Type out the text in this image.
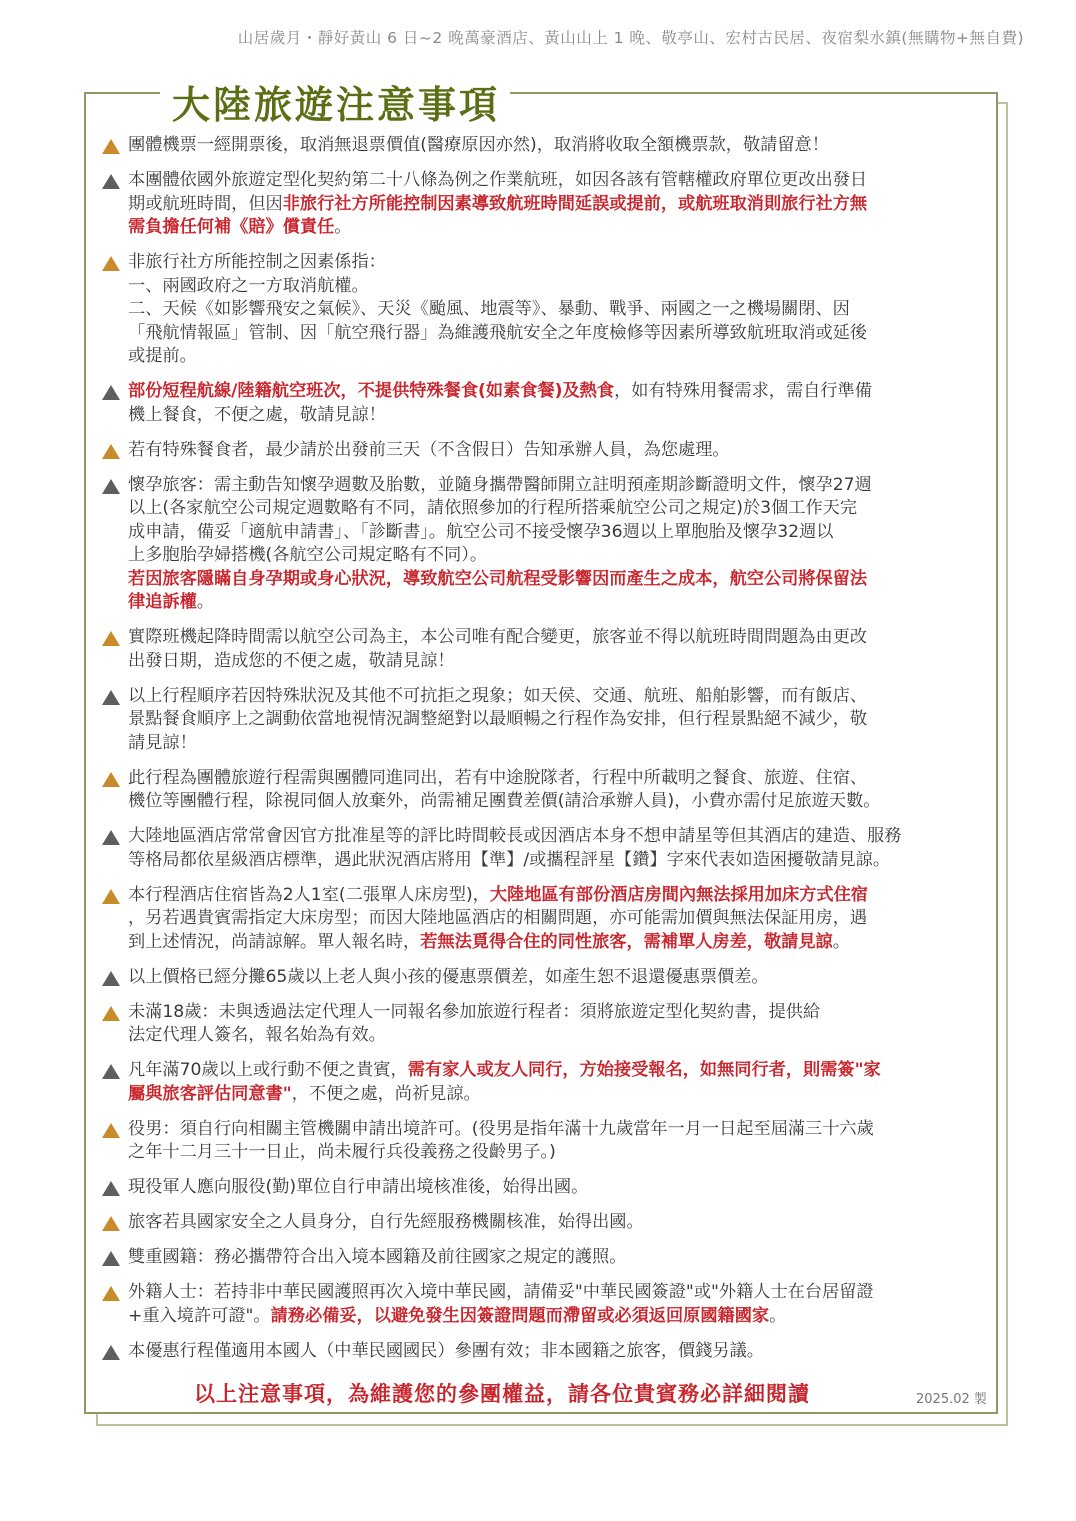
山居歲月・靜好黃山 6 日~2 晚萬豪酒店、黃山山上 1 晚、敬亭山、宏村古民居、夜宿梨水鎮(無購物+無自費)
大陸旅遊注意事項
團體機票一經開票後，取消無退票價值(醫療原因亦然)，取消將收取全額機票款，敬請留意！
本團體依國外旅遊定型化契約第二十八條為例之作業航班，如因各該有管轄權政府單位更改出發日
期或航班時間，但因非旅行社方所能控制因素導致航班時間延誤或提前，或航班取消則旅行社方無
需負擔任何補《賠》償責任。
非旅行社方所能控制之因素係指：
一、兩國政府之一方取消航權。
二、天候《如影響飛安之氣候》、天災《颱風、地震等》、暴動、戰爭、兩國之一之機場關閉、因
「飛航情報區」管制、因「航空飛行器」為維護飛航安全之年度檢修等因素所導致航班取消或延後
或提前。
部份短程航線/陸籍航空班次，不提供特殊餐食(如素食餐)及熱食，如有特殊用餐需求，需自行準備
機上餐食，不便之處，敬請見諒！
若有特殊餐食者，最少請於出發前三天（不含假日）告知承辦人員，為您處理。
懷孕旅客：需主動告知懷孕週數及胎數，並隨身攜帶醫師開立註明預產期診斷證明文件，懷孕27週
以上(各家航空公司規定週數略有不同，請依照參加的行程所搭乘航空公司之規定)於3個工作天完
成申請，備妥「適航申請書」、「診斷書」。航空公司不接受懷孕36週以上單胞胎及懷孕32週以
上多胞胎孕婦搭機(各航空公司規定略有不同）。
若因旅客隱瞞自身孕期或身心狀況，導致航空公司航程受影響因而產生之成本，航空公司將保留法
律追訴權。
實際班機起降時間需以航空公司為主，本公司唯有配合變更，旅客並不得以航班時間問題為由更改
出發日期，造成您的不便之處，敬請見諒！
以上行程順序若因特殊狀況及其他不可抗拒之現象；如天侯、交通、航班、船舶影響，而有飯店、
景點餐食順序上之調動依當地視情況調整絕對以最順暢之行程作為安排，但行程景點絕不減少，敬
請見諒！
此行程為團體旅遊行程需與團體同進同出，若有中途脫隊者，行程中所載明之餐食、旅遊、住宿、
機位等團體行程，除視同個人放棄外，尚需補足團費差價(請洽承辦人員)，小費亦需付足旅遊天數。
大陸地區酒店常常會因官方批准星等的評比時間較長或因酒店本身不想申請星等但其酒店的建造、服務
等格局都依星級酒店標準，遇此狀況酒店將用【準】/或攜程評星【鑽】字來代表如造困擾敬請見諒。
本行程酒店住宿皆為2人1室(二張單人床房型)，大陸地區有部份酒店房間內無法採用加床方式住宿
，另若遇貴賓需指定大床房型；而因大陸地區酒店的相關問題，亦可能需加價與無法保証用房，遇
到上述情況，尚請諒解。單人報名時，若無法覓得合住的同性旅客，需補單人房差，敬請見諒。
以上價格已經分攤65歲以上老人與小孩的優惠票價差，如產生恕不退還優惠票價差。
未滿18歲：未與透過法定代理人一同報名參加旅遊行程者：須將旅遊定型化契約書，提供給
法定代理人簽名，報名始為有效。
凡年滿70歲以上或行動不便之貴賓，需有家人或友人同行，方始接受報名，如無同行者，則需簽"家
屬與旅客評估同意書"，不便之處，尚祈見諒。
役男：須自行向相關主管機關申請出境許可。(役男是指年滿十九歲當年一月一日起至屆滿三十六歲
之年十二月三十一日止，尚未履行兵役義務之役齡男子。)
現役軍人應向服役(勤)單位自行申請出境核准後，始得出國。
旅客若具國家安全之人員身分，自行先經服務機關核准，始得出國。
雙重國籍：務必攜帶符合出入境本國籍及前往國家之規定的護照。
外籍人士：若持非中華民國護照再次入境中華民國，請備妥"中華民國簽證"或"外籍人士在台居留證
+重入境許可證"。請務必備妥，以避免發生因簽證問題而滯留或必須返回原國籍國家。
本優惠行程僅適用本國人（中華民國國民）參團有效；非本國籍之旅客，價錢另議。
以上注意事項，為維護您的參團權益，請各位貴賓務必詳細閱讀	2025.02 製
